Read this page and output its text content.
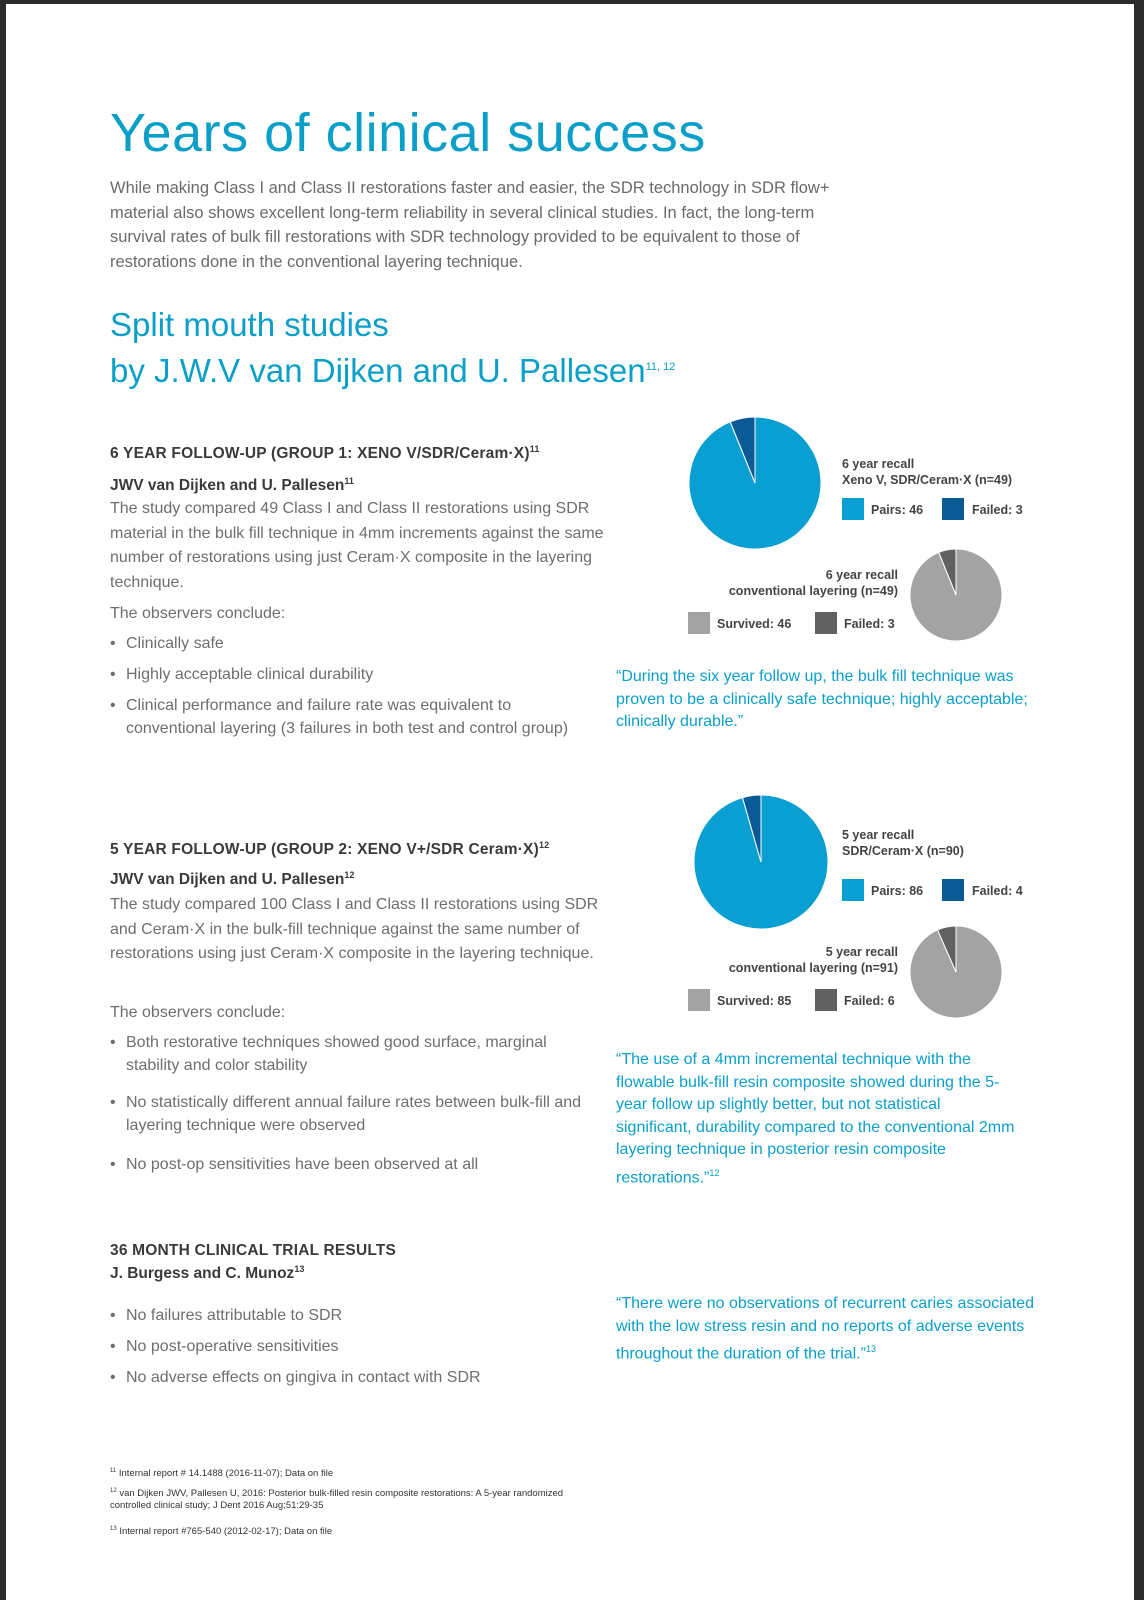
Years of clinical success
While making Class I and Class II restorations faster and easier, the SDR technology in SDR flow+ material also shows excellent long-term reliability in several clinical studies. In fact, the long-term survival rates of bulk fill restorations with SDR technology provided to be equivalent to those of restorations done in the conventional layering technique.
Split mouth studies
by J.W.V van Dijken and U. Pallesen$^{11, 12}$
6 YEAR FOLLOW-UP (GROUP 1: XENO V/SDR/Ceram·X)$^{11}$
JWV van Dijken and U. Pallesen$^{11}$
The study compared 49 Class I and Class II restorations using SDR material in the bulk fill technique in 4mm increments against the same number of restorations using just Ceram·X composite in the layering technique.
The observers conclude:
• Clinically safe
• Highly acceptable clinical durability
• Clinical performance and failure rate was equivalent to conventional layering (3 failures in both test and control group)
6 year recall
Xeno V, SDR/Ceram·X (n=49)
Pairs: 46	Failed: 3
6 year recall
conventional layering (n=49)
Survived: 46	Failed: 3
“During the six year follow up, the bulk fill technique was proven to be a clinically safe technique; highly acceptable; clinically durable.”
5 YEAR FOLLOW-UP (GROUP 2: XENO V+/SDR Ceram·X)$^{12}$
JWV van Dijken and U. Pallesen$^{12}$
The study compared 100 Class I and Class II restorations using SDR and Ceram·X in the bulk-fill technique against the same number of restorations using just Ceram·X composite in the layering technique.
The observers conclude:
• Both restorative techniques showed good surface, marginal stability and color stability
• No statistically different annual failure rates between bulk-fill and layering technique were observed
• No post-op sensitivities have been observed at all
5 year recall
SDR/Ceram·X (n=90)
Pairs: 86	Failed: 4
5 year recall
conventional layering (n=91)
Survived: 85	Failed: 6
“The use of a 4mm incremental technique with the flowable bulk-fill resin composite showed during the 5-year follow up slightly better, but not statistical significant, durability compared to the conventional 2mm layering technique in posterior resin composite restorations.”$^{12}$
36 MONTH CLINICAL TRIAL RESULTS
J. Burgess and C. Munoz$^{13}$
• No failures attributable to SDR
• No post-operative sensitivities
• No adverse effects on gingiva in contact with SDR
“There were no observations of recurrent caries associated with the low stress resin and no reports of adverse events throughout the duration of the trial.”$^{13}$
$^{11}$ Internal report # 14.1488 (2016-11-07); Data on file
$^{12}$ van Dijken JWV, Pallesen U, 2016: Posterior bulk-filled resin composite restorations: A 5-year randomized controlled clinical study; J Dent 2016 Aug;51:29-35
$^{13}$ Internal report #765-540 (2012-02-17); Data on file
